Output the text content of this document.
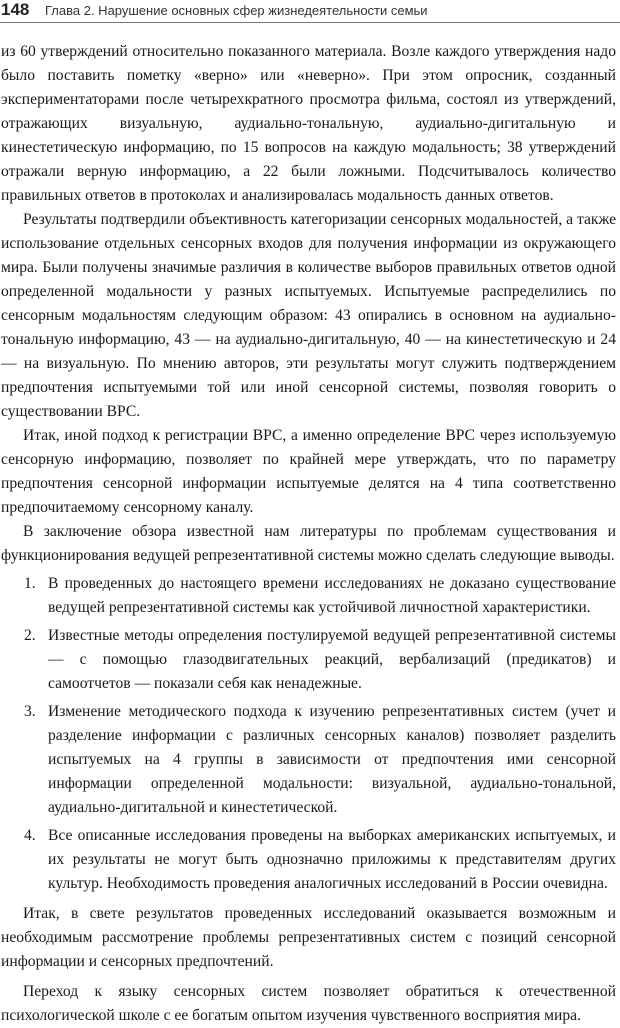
148 Глава 2. Нарушение основных сфер жизнедеятельности семьи

из 60 утверждений относительно показанного материала. Возле каждого утверждения надо было поставить пометку «верно» или «неверно». При этом опросник, созданный экспериментаторами после четырехкратного просмотра фильма, состоял из утверждений, отражающих визуальную, аудиально-тональную, аудиально-дигитальную и кинестетическую информацию, по 15 вопросов на каждую модальность; 38 утверждений отражали верную информацию, а 22 были ложными. Подсчитывалось количество правильных ответов в протоколах и анализировалась модальность данных ответов.

Результаты подтвердили объективность категоризации сенсорных модальностей, а также использование отдельных сенсорных входов для получения информации из окружающего мира. Были получены значимые различия в количестве выборов правильных ответов одной определенной модальности у разных испытуемых. Испытуемые распределились по сенсорным модальностям следующим образом: 43 опирались в основном на аудиально-тональную информацию, 43 — на аудиально-дигитальную, 40 — на кинестетическую и 24 — на визуальную. По мнению авторов, эти результаты могут служить подтверждением предпочтения испытуемыми той или иной сенсорной системы, позволяя говорить о существовании ВРС.

Итак, иной подход к регистрации ВРС, а именно определение ВРС через используемую сенсорную информацию, позволяет по крайней мере утверждать, что по параметру предпочтения сенсорной информации испытуемые делятся на 4 типа соответственно предпочитаемому сенсорному каналу.

В заключение обзора известной нам литературы по проблемам существования и функционирования ведущей репрезентативной системы можно сделать следующие выводы.

1. В проведенных до настоящего времени исследованиях не доказано существование ведущей репрезентативной системы как устойчивой личностной характеристики.
2. Известные методы определения постулируемой ведущей репрезентативной системы — с помощью глазодвигательных реакций, вербализаций (предикатов) и самоотчетов — показали себя как ненадежные.
3. Изменение методического подхода к изучению репрезентативных систем (учет и разделение информации с различных сенсорных каналов) позволяет разделить испытуемых на 4 группы в зависимости от предпочтения ими сенсорной информации определенной модальности: визуальной, аудиально-тональной, аудиально-дигитальной и кинестетической.
4. Все описанные исследования проведены на выборках американских испытуемых, и их результаты не могут быть однозначно приложимы к представителям других культур. Необходимость проведения аналогичных исследований в России очевидна.

Итак, в свете результатов проведенных исследований оказывается возможным и необходимым рассмотрение проблемы репрезентативных систем с позиций сенсорной информации и сенсорных предпочтений.

Переход к языку сенсорных систем позволяет обратиться к отечественной психологической школе с ее богатым опытом изучения чувственного восприятия мира.
